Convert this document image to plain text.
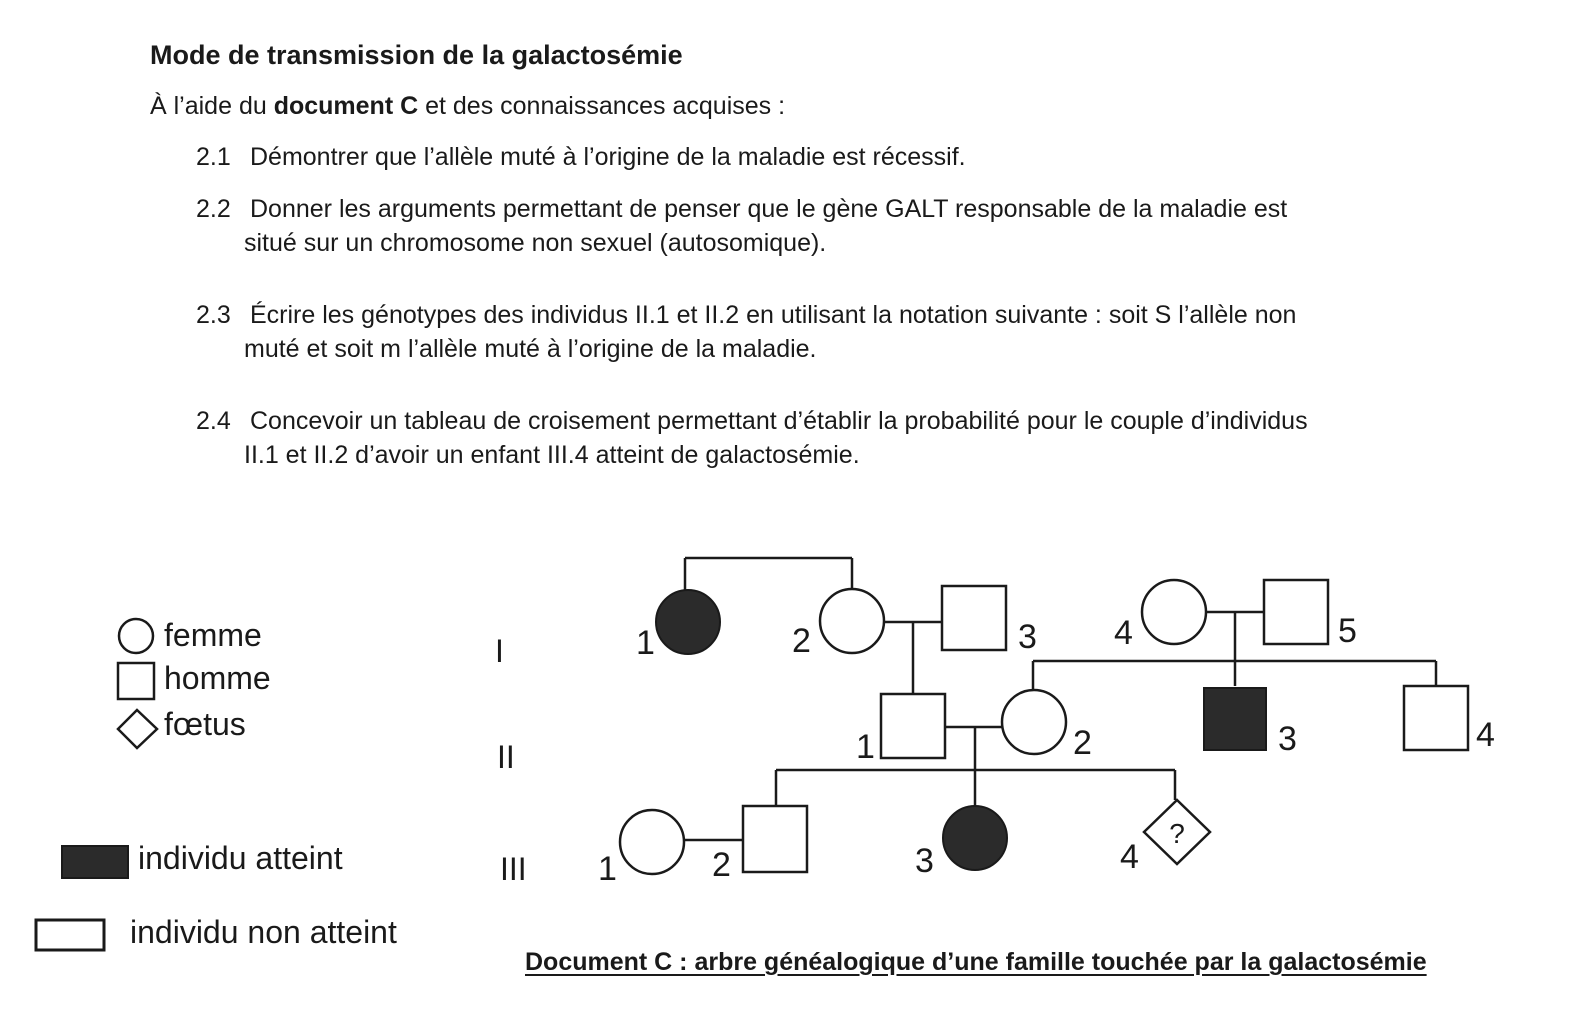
Mode de transmission de la galactosémie
À l’aide du document C et des connaissances acquises :
2.1 Démontrer que l’allèle muté à l’origine de la maladie est récessif.
2.2 Donner les arguments permettant de penser que le gène GALT responsable de la maladie est
situé sur un chromosome non sexuel (autosomique).
2.3 Écrire les génotypes des individus II.1 et II.2 en utilisant la notation suivante : soit S l’allèle non
muté et soit m l’allèle muté à l’origine de la maladie.
2.4 Concevoir un tableau de croisement permettant d’établir la probabilité pour le couple d’individus
II.1 et II.2 d’avoir un enfant III.4 atteint de galactosémie.
femme
homme
fœtus
individu atteint
individu non atteint
I
II
III
1	2	3 4	5
1	2	3	4
1	2	3	4
?
Document C : arbre généalogique d’une famille touchée par la galactosémie
